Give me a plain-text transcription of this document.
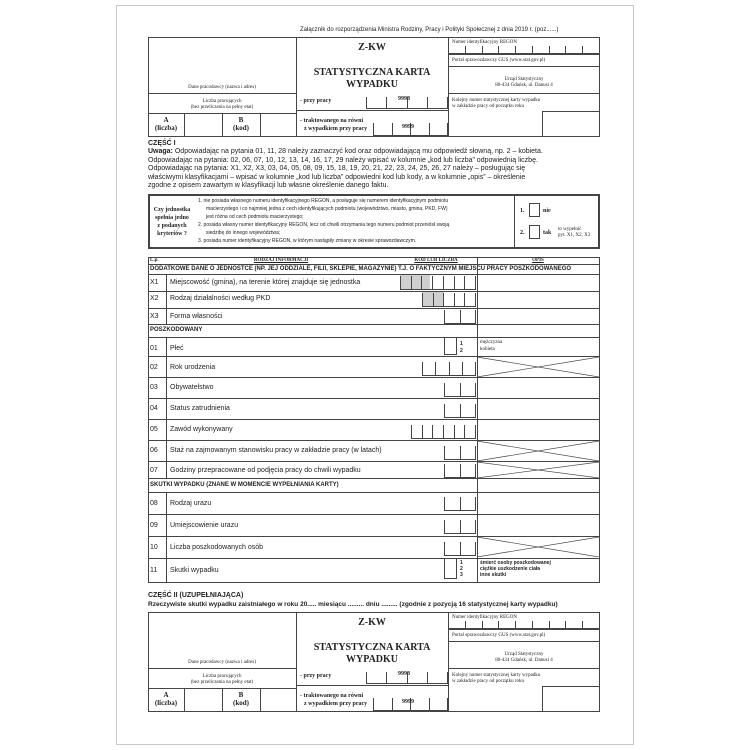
Załącznik do rozporządzenia Ministra Rodziny, Pracy i Polityki Społecznej z dnia 2019 r. (poz......)
Dane pracodawcy (nazwa i adres)
Liczba pracujących
(bez przeliczenia na pełny etat)
A
(liczba)
B
(kod)
Z-KW
STATYSTYCZNA KARTA
WYPADKU
- przy pracy	9998
- traktowanego na równi
z wypadkiem przy pracy	9999
Numer identyfikacyjny REGON
Portal sprawozdawczy GUS (www.stat.gov.pl)
Urząd Statystyczny
80-434 Gdańsk, ul. Danusi 4
Kolejny numer statystycznej karty wypadku
w zakładzie pracy od początku roku
CZĘŚĆ I
Uwaga: Odpowiadając na pytania 01, 11, 28 należy zaznaczyć kod oraz odpowiadającą mu odpowiedź słowną, np. 2 – kobieta.
Odpowiadając na pytania: 02, 06, 07, 10, 12, 13, 14, 16, 17, 29 należy wpisać w kolumnie „kod lub liczba” odpowiednią liczbę.
Odpowiadając na pytania: X1, X2, X3, 03, 04, 05, 08, 09, 15, 18, 19, 20, 21, 22, 23, 24, 25, 26, 27 należy – posługując się
właściwymi klasyfikacjami – wpisać w kolumnie „kod lub liczba” odpowiedni kod lub kody, a w kolumnie „opis” – określenie
zgodne z opisem zawartym w klasyfikacji lub własne określenie danego faktu.
Czy jednostka
spełnia jedno
z podanych
kryteriów ?
1. nie posiada własnego numeru identyfikacyjnego REGON, a posługuje się numerem identyfikacyjnym podmiotu
macierzystego i co najmniej jedna z cech identyfikujących podmiotu (województwo, miasto, gmina, PKD, FW)
jest różna od cech podmiotu macierzystego;
2. posiada własny numer identyfikacyjny REGON, lecz od chwili otrzymania tego numeru podmiot przeniósł swoją
siedzibę do innego województwa;
3. posiada numer identyfikacyjny REGON, w którym nastąpiły zmiany w okresie sprawozdawczym.
1.	nie
2.	tak
to wypełnić
pyt. X1, X2, X3
L.p.	RODZAJ INFORMACJI	KOD LUB LICZBA	OPIS
DODATKOWE DANE O JEDNOSTCE (NP. JEJ ODDZIALE, FILII, SKLEPIE, MAGAZYNIE) T.J. O FAKTYCZNYM MIEJSCU PRACY POSZKODOWANEGO
X1 Miejscowość (gmina), na terenie której znajduje się jednostka
X2 Rodzaj działalności według PKD
X3 Forma własności
POSZKODOWANY
01 Płeć
1
2
mężczyzna
kobieta
02 Rok urodzenia
03 Obywatelstwo
04 Status zatrudnienia
05 Zawód wykonywany
06 Staż na zajmowanym stanowisku pracy w zakładzie pracy (w latach)
07 Godziny przepracowane od podjęcia pracy do chwili wypadku
SKUTKI WYPADKU (ZNANE W MOMENCIE WYPEŁNIANIA KARTY)
08 Rodzaj urazu
09 Umiejscowienie urazu
10 Liczba poszkodowanych osób
11 Skutki wypadku
1
2
3
śmierć osoby poszkodowanej
ciężkie uszkodzenie ciała
inne skutki
CZĘŚĆ II (UZUPEŁNIAJĄCA)
Rzeczywiste skutki wypadku zaistniałego w roku 20..... miesiącu ......... dniu ......... (zgodnie z pozycją 16 statystycznej karty wypadku)
Dane pracodawcy (nazwa i adres)
Liczba pracujących
(bez przeliczenia na pełny etat)
A
(liczba)
B
(kod)
Z-KW
STATYSTYCZNA KARTA
WYPADKU
- przy pracy	9998
- traktowanego na równi
z wypadkiem przy pracy	9999
Numer identyfikacyjny REGON
Portal sprawozdawczy GUS (www.stat.gov.pl)
Urząd Statystyczny
80-434 Gdańsk, ul. Danusi 4
Kolejny numer statystycznej karty wypadku
w zakładzie pracy od początku roku
